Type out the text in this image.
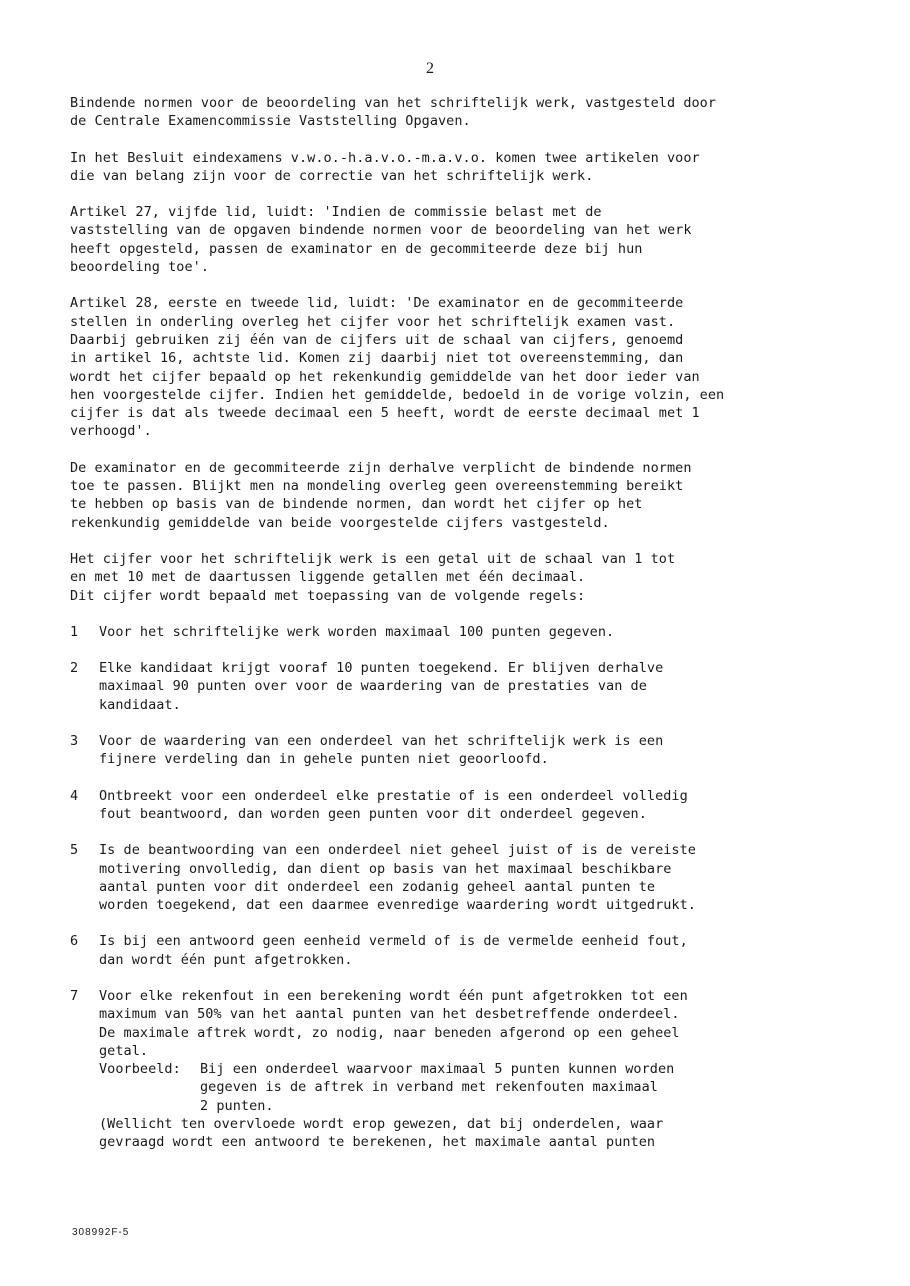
2

Bindende normen voor de beoordeling van het schriftelijk werk, vastgesteld door
de Centrale Examencommissie Vaststelling Opgaven.

In het Besluit eindexamens v.w.o.-h.a.v.o.-m.a.v.o. komen twee artikelen voor
die van belang zijn voor de correctie van het schriftelijk werk.

Artikel 27, vijfde lid, luidt: 'Indien de commissie belast met de
vaststelling van de opgaven bindende normen voor de beoordeling van het werk
heeft opgesteld, passen de examinator en de gecommiteerde deze bij hun
beoordeling toe'.

Artikel 28, eerste en tweede lid, luidt: 'De examinator en de gecommiteerde
stellen in onderling overleg het cijfer voor het schriftelijk examen vast.
Daarbij gebruiken zij één van de cijfers uit de schaal van cijfers, genoemd
in artikel 16, achtste lid. Komen zij daarbij niet tot overeenstemming, dan
wordt het cijfer bepaald op het rekenkundig gemiddelde van het door ieder van
hen voorgestelde cijfer. Indien het gemiddelde, bedoeld in de vorige volzin, een
cijfer is dat als tweede decimaal een 5 heeft, wordt de eerste decimaal met 1
verhoogd'.

De examinator en de gecommiteerde zijn derhalve verplicht de bindende normen
toe te passen. Blijkt men na mondeling overleg geen overeenstemming bereikt
te hebben op basis van de bindende normen, dan wordt het cijfer op het
rekenkundig gemiddelde van beide voorgestelde cijfers vastgesteld.

Het cijfer voor het schriftelijk werk is een getal uit de schaal van 1 tot
en met 10 met de daartussen liggende getallen met één decimaal.
Dit cijfer wordt bepaald met toepassing van de volgende regels:

1	Voor het schriftelijke werk worden maximaal 100 punten gegeven.
2	Elke kandidaat krijgt vooraf 10 punten toegekend. Er blijven derhalve
maximaal 90 punten over voor de waardering van de prestaties van de
kandidaat.
3	Voor de waardering van een onderdeel van het schriftelijk werk is een
fijnere verdeling dan in gehele punten niet geoorloofd.
4	Ontbreekt voor een onderdeel elke prestatie of is een onderdeel volledig
fout beantwoord, dan worden geen punten voor dit onderdeel gegeven.
5	Is de beantwoording van een onderdeel niet geheel juist of is de vereiste
motivering onvolledig, dan dient op basis van het maximaal beschikbare
aantal punten voor dit onderdeel een zodanig geheel aantal punten te
worden toegekend, dat een daarmee evenredige waardering wordt uitgedrukt.
6	Is bij een antwoord geen eenheid vermeld of is de vermelde eenheid fout,
dan wordt één punt afgetrokken.
7	Voor elke rekenfout in een berekening wordt één punt afgetrokken tot een
maximum van 50% van het aantal punten van het desbetreffende onderdeel.
De maximale aftrek wordt, zo nodig, naar beneden afgerond op een geheel
getal.
Voorbeeld:	Bij een onderdeel waarvoor maximaal 5 punten kunnen worden
gegeven is de aftrek in verband met rekenfouten maximaal
2 punten.
(Wellicht ten overvloede wordt erop gewezen, dat bij onderdelen, waar
gevraagd wordt een antwoord te berekenen, het maximale aantal punten
308992F-5
